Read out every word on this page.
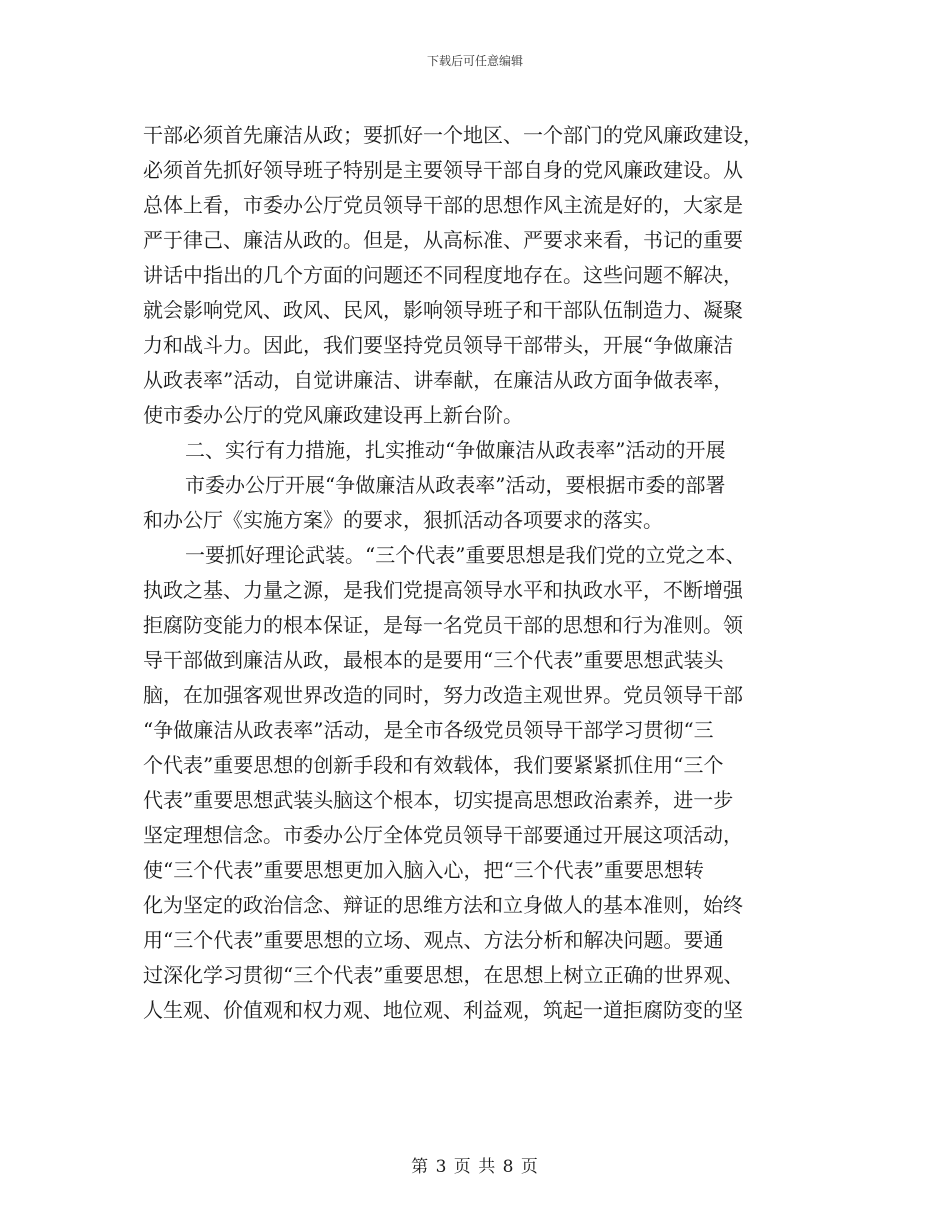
下载后可任意编辑
干部必须首先廉洁从政；要抓好一个地区、一个部门的党风廉政建设，
必须首先抓好领导班子特别是主要领导干部自身的党风廉政建设。从
总体上看，市委办公厅党员领导干部的思想作风主流是好的，大家是
严于律己、廉洁从政的。但是，从高标准、严要求来看，书记的重要
讲话中指出的几个方面的问题还不同程度地存在。这些问题不解决，
就会影响党风、政风、民风，影响领导班子和干部队伍制造力、凝聚
力和战斗力。因此，我们要坚持党员领导干部带头，开展“争做廉洁
从政表率”活动，自觉讲廉洁、讲奉献，在廉洁从政方面争做表率，
使市委办公厅的党风廉政建设再上新台阶。
二、实行有力措施，扎实推动“争做廉洁从政表率”活动的开展
市委办公厅开展“争做廉洁从政表率”活动，要根据市委的部署
和办公厅《实施方案》的要求，狠抓活动各项要求的落实。
一要抓好理论武装。“三个代表”重要思想是我们党的立党之本、
执政之基、力量之源，是我们党提高领导水平和执政水平，不断增强
拒腐防变能力的根本保证，是每一名党员干部的思想和行为准则。领
导干部做到廉洁从政，最根本的是要用“三个代表”重要思想武装头
脑，在加强客观世界改造的同时，努力改造主观世界。党员领导干部
“争做廉洁从政表率”活动，是全市各级党员领导干部学习贯彻“三
个代表”重要思想的创新手段和有效载体，我们要紧紧抓住用“三个
代表”重要思想武装头脑这个根本，切实提高思想政治素养，进一步
坚定理想信念。市委办公厅全体党员领导干部要通过开展这项活动，
使“三个代表”重要思想更加入脑入心，把“三个代表”重要思想转
化为坚定的政治信念、辩证的思维方法和立身做人的基本准则，始终
用“三个代表”重要思想的立场、观点、方法分析和解决问题。要通
过深化学习贯彻“三个代表”重要思想，在思想上树立正确的世界观、
人生观、价值观和权力观、地位观、利益观，筑起一道拒腐防变的坚
第 3 页 共 8 页
